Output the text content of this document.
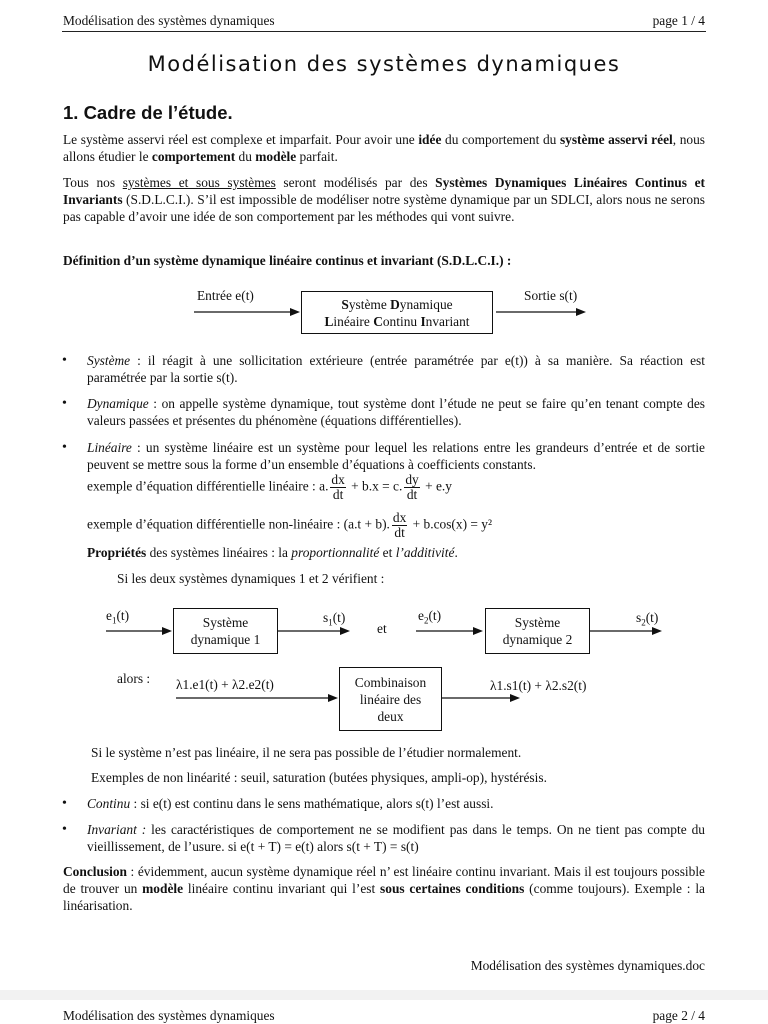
Modélisation des systèmes dynamiques	page 1 / 4
Modélisation des systèmes dynamiques
1. Cadre de l’étude.
Le système asservi réel est complexe et imparfait. Pour avoir une idée du comportement du système asservi réel, nous allons étudier le comportement du modèle parfait.
Tous nos systèmes et sous systèmes seront modélisés par des Systèmes Dynamiques Linéaires Continus et Invariants (S.D.L.C.I.). S’il est impossible de modéliser notre système dynamique par un SDLCI, alors nous ne serons pas capable d’avoir une idée de son comportement par les méthodes qui vont suivre.
Définition d’un système dynamique linéaire continus et invariant (S.D.L.C.I.) :
Entrée e(t)	Sortie s(t)
Système Dynamique
Linéaire Continu Invariant
• Système : il réagit à une sollicitation extérieure (entrée paramétrée par e(t)) à sa manière. Sa réaction est paramétrée par la sortie s(t).
• Dynamique : on appelle système dynamique, tout système dont l’étude ne peut se faire qu’en tenant compte des valeurs passées et présentes du phénomène (équations différentielles).
• Linéaire : un système linéaire est un système pour lequel les relations entre les grandeurs d’entrée et de sortie peuvent se mettre sous la forme d’un ensemble d’équations à coefficients constants.
exemple d’équation différentielle linéaire : a. $\frac{dx}{dt} + b.x = c$. $\frac{dy}{dt} + e.y$
exemple d’équation différentielle non-linéaire : (a.t + b). $\frac{dx}{dt} + b.\cos(x) = y^2$
Propriétés des systèmes linéaires : la proportionnalité et l’additivité.
Si les deux systèmes dynamiques 1 et 2 vérifient :
$e_1(t)$	Système
dynamique 1
$s_1(t)$
et
$e_2(t)$	Système
dynamique 2
$s_2(t)$
alors : λ1.e1(t) + λ2.e2(t)	Combinaison
linéaire des
deux
λ1.s1(t) + λ2.s2(t)
Si le système n’est pas linéaire, il ne sera pas possible de l’étudier normalement.
Exemples de non linéarité : seuil, saturation (butées physiques, ampli-op), hystérésis.
• Continu : si e(t) est continu dans le sens mathématique, alors s(t) l’est aussi.
• Invariant : les caractéristiques de comportement ne se modifient pas dans le temps. On ne tient pas compte du vieillissement, de l’usure. si e(t + T) = e(t) alors s(t + T) = s(t)
Conclusion : évidemment, aucun système dynamique réel n’ est linéaire continu invariant. Mais il est toujours possible de trouver un modèle linéaire continu invariant qui l’est sous certaines conditions (comme toujours). Exemple : la linéarisation.
Modélisation des systèmes dynamiques.doc
Modélisation des systèmes dynamiques	page 2 / 4
